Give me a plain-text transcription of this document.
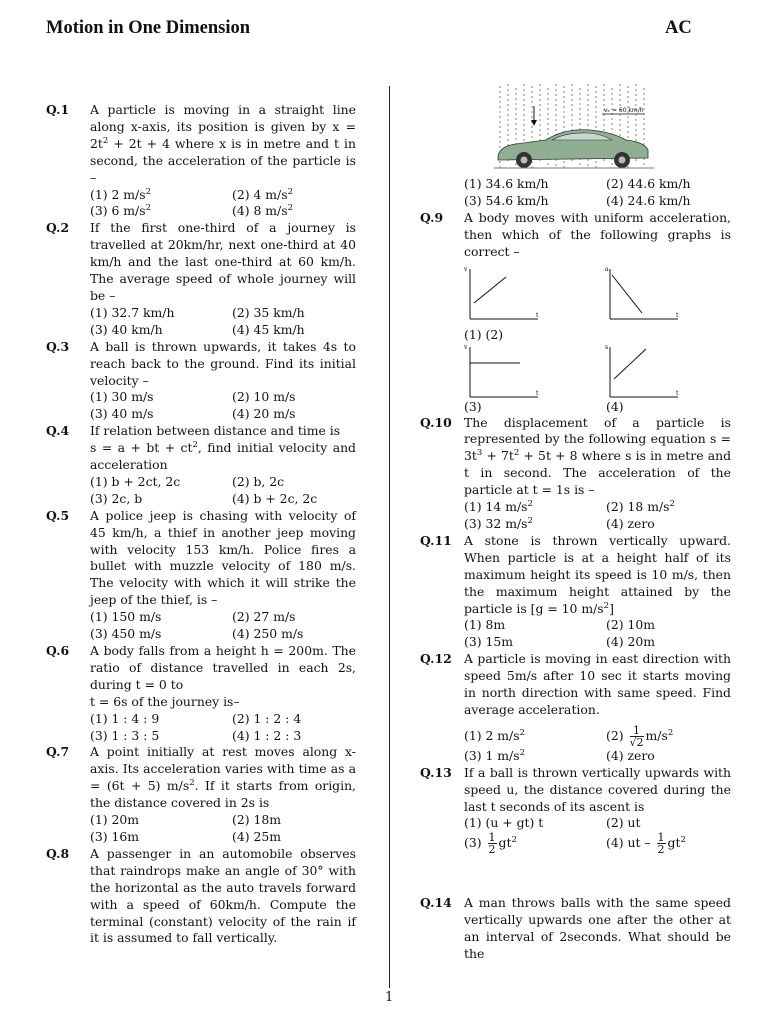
Motion in One Dimension	AC
1
vₑ = 60 km/h
Q.1 A particle is moving in a straight line along x-axis, its position is given by $x = 2t^2 + 2t + 4$ where x is in metre and t in second, the acceleration of the particle is –
(1) 2 $m/s^2$	(2) 4 $m/s^2$
(3) 6 $m/s^2$	(4) 8 $m/s^2$
Q.2 If the first one-third of a journey is travelled at 20km/hr, next one-third at 40 km/h and the last one-third at 60 km/h. The average speed of whole journey will be –
(1) 32.7 km/h	(2) 35 km/h
(3) 40 km/h	(4) 45 km/h
Q.3 A ball is thrown upwards, it takes 4s to reach back to the ground. Find its initial velocity –
(1) 30 m/s	(2) 10 m/s
(3) 40 m/s	(4) 20 m/s
Q.4 If relation between distance and time is
s = a + bt + $ct^2$, find initial velocity and acceleration
(1) b + 2ct, 2c	(2) b, 2c
(3) 2c, b	(4) b + 2c, 2c
Q.5 A police jeep is chasing with velocity of 45 km/h, a thief in another jeep moving with velocity 153 km/h. Police fires a bullet with muzzle velocity of 180 m/s. The velocity with which it will strike the jeep of the thief, is –
(1) 150 m/s	(2) 27 m/s
(3) 450 m/s	(4) 250 m/s
Q.6 A body falls from a height h = 200m. The ratio of distance travelled in each 2s, during t = 0 to
t = 6s of the journey is–
(1) 1 : 4 : 9	(2) 1 : 2 : 4
(3) 1 : 3 : 5	(4) 1 : 2 : 3
Q.7 A point initially at rest moves along x-axis. Its acceleration varies with time as a = (6t + 5) $m/s^2$. If it starts from origin, the distance covered in 2s is
(1) 20m	(2) 18m
(3) 16m	(4) 25m
Q.8 A passenger in an automobile observes that raindrops make an angle of 30° with the horizontal as the auto travels forward with a speed of 60km/h. Compute the terminal (constant) velocity of the rain if it is assumed to fall vertically.
(1) 34.6 km/h	(2) 44.6 km/h
(3) 54.6 km/h	(4) 24.6 km/h
Q.9 A body moves with uniform acceleration, then which of the following graphs is correct –
v
t
a
t
(1) (2)
v
t
s
t
(3)	(4)
Q.10 The displacement of a particle is represented by the following equation $s = 3t^3 + 7t^2 + 5t + 8$ where s is in metre and t in second. The acceleration of the particle at t = 1s is –
(1) 14 $m/s^2$	(2) 18 $m/s^2$
(3) 32 $m/s^2$	(4) zero
Q.11 A stone is thrown vertically upward. When particle is at a height half of its maximum height its speed is 10 m/s, then the maximum height attained by the particle is [g = 10 $m/s^2$]
(1) 8m	(2) 10m
(3) 15m	(4) 20m
Q.12 A particle is moving in east direction with speed 5m/s after 10 sec it starts moving in north direction with same speed. Find average acceleration.
(1) 2 $m/s^2$	$(2) \frac{1}{√2} m/s^2$
(3) 1 $m/s^2$	(4) zero
Q.13 If a ball is thrown vertically upwards with speed u, the distance covered during the last t seconds of its ascent is
(1) (u + gt) t	(2) ut
$(3) \frac{1}{2} gt^2$	(4) ut – $\frac{1}{2} gt^2$
Q.14 A man throws balls with the same speed vertically upwards one after the other at an interval of 2seconds. What should be the
